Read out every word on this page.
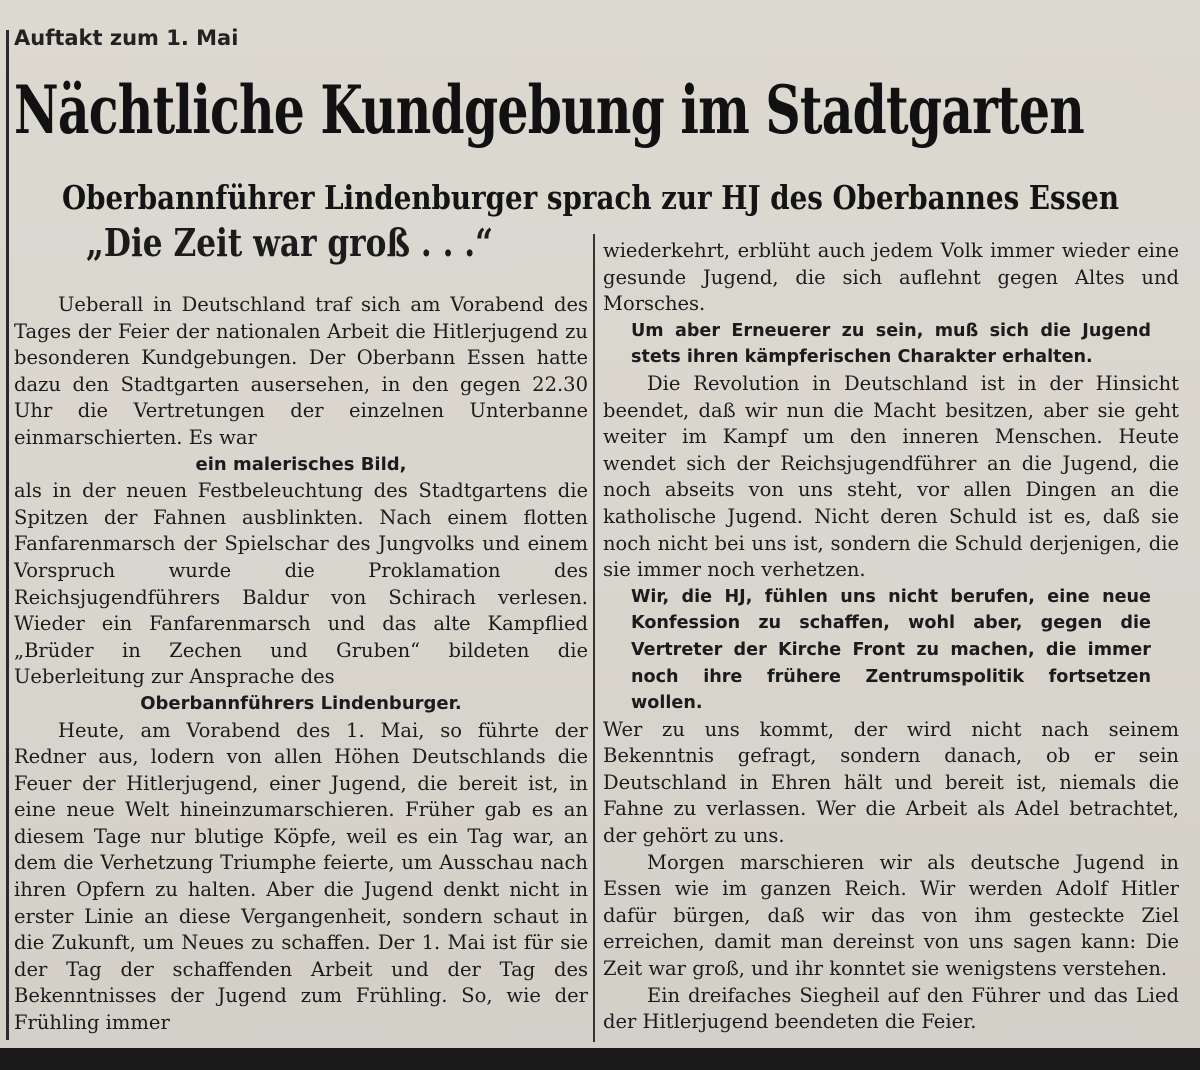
Auftakt zum 1. Mai
Nächtliche Kundgebung im Stadtgarten
Oberbannführer Lindenburger sprach zur HJ des Oberbannes Essen
„Die Zeit war groß . . .“

Ueberall in Deutschland traf sich am Vorabend des Tages der Feier der nationalen Arbeit die Hitlerjugend zu besonderen Kundgebungen. Der Oberbann Essen hatte dazu den Stadtgarten ausersehen, in den gegen 22.30 Uhr die Vertretungen der einzelnen Unterbanne einmarschierten. Es war

ein malerisches Bild,

als in der neuen Festbeleuchtung des Stadtgartens die Spitzen der Fahnen ausblinkten. Nach einem flotten Fanfarenmarsch der Spielschar des Jungvolks und einem Vorspruch wurde die Proklamation des Reichsjugendführers Baldur von Schirach verlesen. Wieder ein Fanfarenmarsch und das alte Kampflied „Brüder in Zechen und Gruben“ bildeten die Ueberleitung zur Ansprache des

Oberbannführers Lindenburger.

Heute, am Vorabend des 1. Mai, so führte der Redner aus, lodern von allen Höhen Deutschlands die Feuer der Hitlerjugend, einer Jugend, die bereit ist, in eine neue Welt hineinzumarschieren. Früher gab es an diesem Tage nur blutige Köpfe, weil es ein Tag war, an dem die Verhetzung Triumphe feierte, um Ausschau nach ihren Opfern zu halten. Aber die Jugend denkt nicht in erster Linie an diese Vergangenheit, sondern schaut in die Zukunft, um Neues zu schaffen. Der 1. Mai ist für sie der Tag der schaffenden Arbeit und der Tag des Bekenntnisses der Jugend zum Frühling. So, wie der Frühling immer

wiederkehrt, erblüht auch jedem Volk immer wieder eine gesunde Jugend, die sich auflehnt gegen Altes und Morsches.

Um aber Erneuerer zu sein, muß sich die Jugend stets ihren kämpferischen Charakter erhalten.

Die Revolution in Deutschland ist in der Hinsicht beendet, daß wir nun die Macht besitzen, aber sie geht weiter im Kampf um den inneren Menschen. Heute wendet sich der Reichsjugendführer an die Jugend, die noch abseits von uns steht, vor allen Dingen an die katholische Jugend. Nicht deren Schuld ist es, daß sie noch nicht bei uns ist, sondern die Schuld derjenigen, die sie immer noch verhetzen.

Wir, die HJ, fühlen uns nicht berufen, eine neue Konfession zu schaffen, wohl aber, gegen die Vertreter der Kirche Front zu machen, die immer noch ihre frühere Zentrumspolitik fortsetzen wollen.

Wer zu uns kommt, der wird nicht nach seinem Bekenntnis gefragt, sondern danach, ob er sein Deutschland in Ehren hält und bereit ist, niemals die Fahne zu verlassen. Wer die Arbeit als Adel betrachtet, der gehört zu uns.

Morgen marschieren wir als deutsche Jugend in Essen wie im ganzen Reich. Wir werden Adolf Hitler dafür bürgen, daß wir das von ihm gesteckte Ziel erreichen, damit man dereinst von uns sagen kann: Die Zeit war groß, und ihr konntet sie wenigstens verstehen.

Ein dreifaches Siegheil auf den Führer und das Lied der Hitlerjugend beendeten die Feier.
